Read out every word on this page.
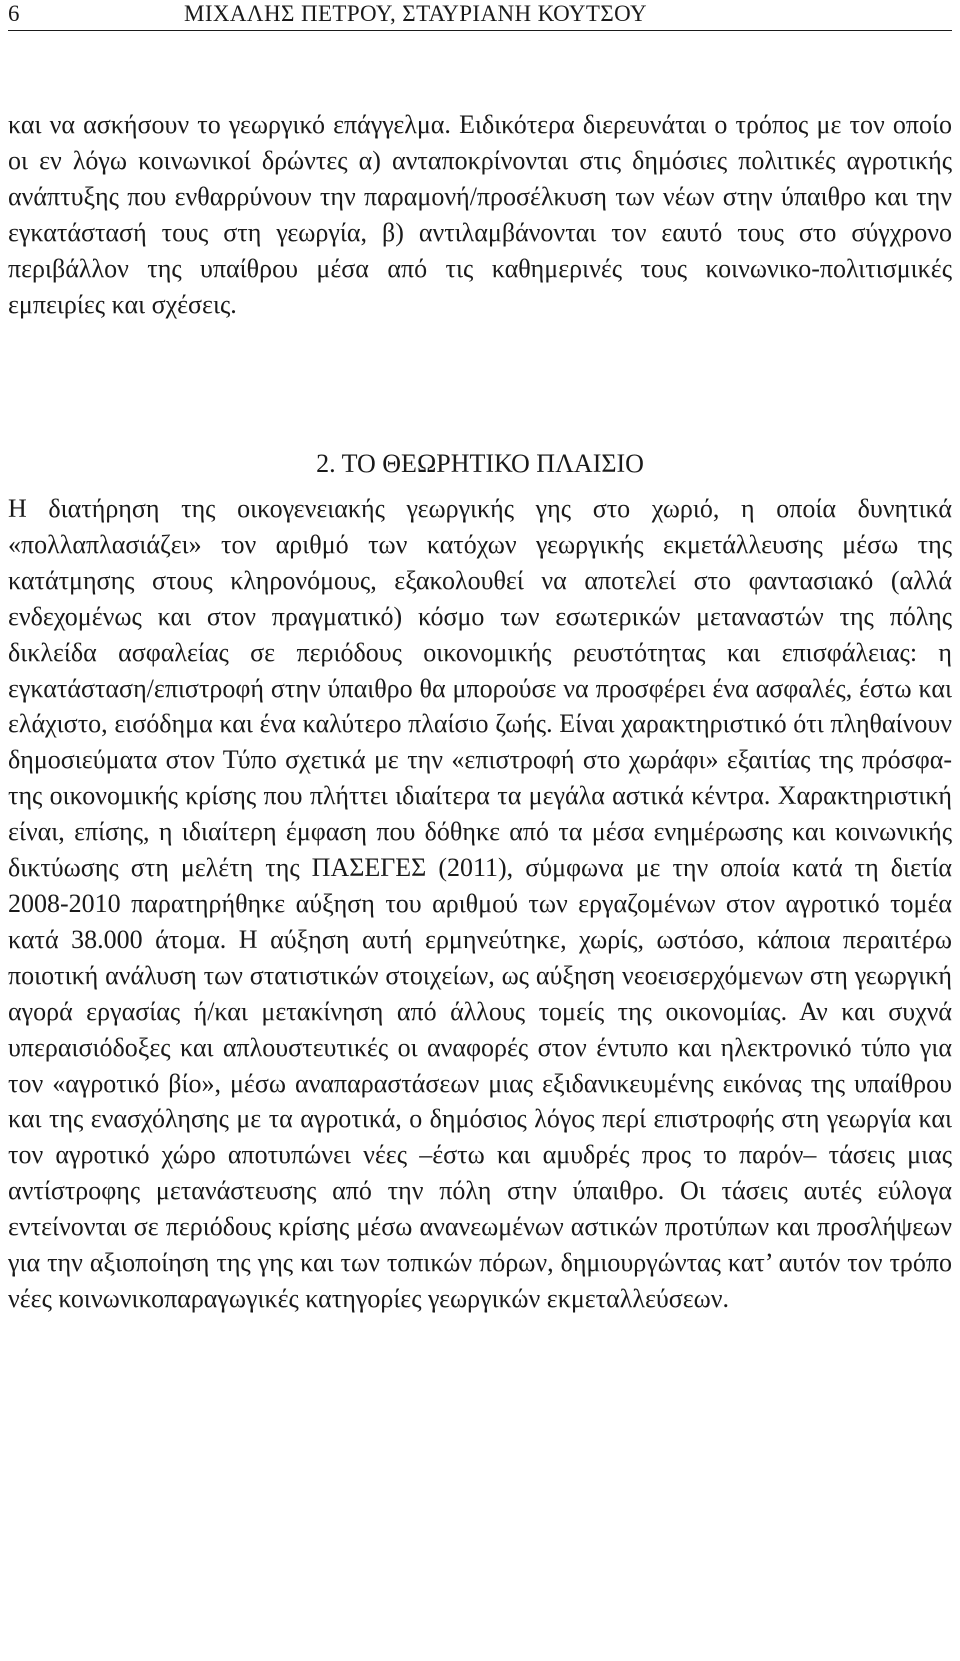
6	ΜΙΧΑΛΗΣ ΠΕΤΡΟΥ, ΣΤΑΥΡΙΑΝΗ ΚΟΥΤΣΟΥ

και να ασκήσουν το γεωργικό επάγγελμα. Ειδικότερα διερευνάται ο τρόπος με τον οποίο οι εν λόγω κοινωνικοί δρώντες α) ανταποκρίνονται στις δημόσιες πολιτικές αγροτικής ανάπτυξης που ενθαρρύνουν την παραμονή/προσέλκυση των νέων στην ύπαιθρο και την εγκατάστασή τους στη γεωργία, β) αντιλαμβάνονται τον εαυτό τους στο σύγχρονο περιβάλλον της υπαίθρου μέσα από τις καθημερινές τους κοινωνικο-πολιτισμικές εμπειρίες και σχέσεις.

2. ΤΟ ΘΕΩΡΗΤΙΚΟ ΠΛΑΙΣΙΟ

Η διατήρηση της οικογενειακής γεωργικής γης στο χωριό, η οποία δυνητικά «πολλαπλασιάζει» τον αριθμό των κατόχων γεωργικής εκμετάλλευσης μέσω της κατάτμησης στους κληρονόμους, εξακολουθεί να αποτελεί στο φαντασιακό (αλλά ενδεχομένως και στον πραγματικό) κόσμο των εσωτερικών μεταναστών της πόλης δικλείδα ασφαλείας σε περιόδους οικονομικής ρευστότητας και επισφάλειας: η εγκατάσταση/επιστροφή στην ύπαιθρο θα μπορούσε να προσφέρει ένα ασφαλές, έστω και ελάχιστο, εισόδημα και ένα καλύτερο πλαίσιο ζωής. Είναι χαρακτηριστικό ότι πληθαίνουν δημοσιεύματα στον Τύπο σχετικά με την «επιστροφή στο χωράφι» εξαιτίας της πρόσφατης οικονομικής κρίσης που πλήττει ιδιαίτερα τα μεγάλα αστικά κέντρα. Χαρακτηριστική είναι, επίσης, η ιδιαίτερη έμφαση που δόθηκε από τα μέσα ενημέρωσης και κοινωνικής δικτύωσης στη μελέτη της ΠΑΣΕΓΕΣ (2011), σύμφωνα με την οποία κατά τη διετία 2008-2010 παρατηρήθηκε αύξηση του αριθμού των εργαζομένων στον αγροτικό τομέα κατά 38.000 άτομα. Η αύξηση αυτή ερμηνεύτηκε, χωρίς, ωστόσο, κάποια περαιτέρω ποιοτική ανάλυση των στατιστικών στοιχείων, ως αύξηση νεοεισερχόμενων στη γεωργική αγορά εργασίας ή/και μετακίνηση από άλλους τομείς της οικονομίας. Αν και συχνά υπεραισιόδοξες και απλουστευτικές οι αναφορές στον έντυπο και ηλεκτρονικό τύπο για τον «αγροτικό βίο», μέσω αναπαραστάσεων μιας εξιδανικευμένης εικόνας της υπαίθρου και της ενασχόλησης με τα αγροτικά, ο δημόσιος λόγος περί επιστροφής στη γεωργία και τον αγροτικό χώρο αποτυπώνει νέες –έστω και αμυδρές προς το παρόν– τάσεις μιας αντίστροφης μετανάστευσης από την πόλη στην ύπαιθρο. Οι τάσεις αυτές εύλογα εντείνονται σε περιόδους κρίσης μέσω ανανεωμένων αστικών προτύπων και προσλήψεων για την αξιοποίηση της γης και των τοπικών πόρων, δημιουργώντας κατ’ αυτόν τον τρόπο νέες κοινωνικοπαραγωγικές κατηγορίες γεωργικών εκμεταλλεύσεων.
